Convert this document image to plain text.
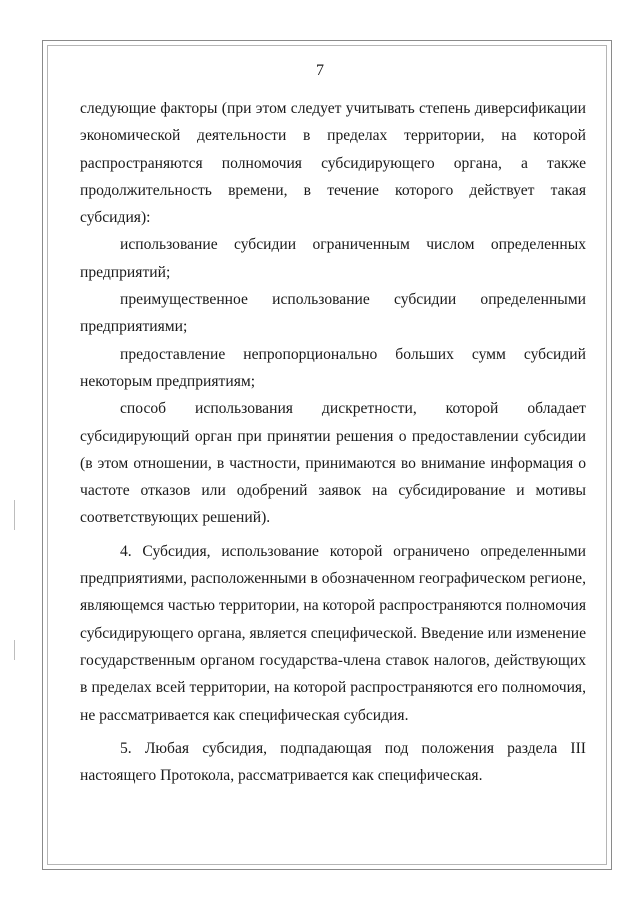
7

следующие факторы (при этом следует учитывать степень диверсификации экономической деятельности в пределах территории, на которой распространяются полномочия субсидирующего органа, а также продолжительность времени, в течение которого действует такая субсидия):

использование субсидии ограниченным числом определенных предприятий;

преимущественное использование субсидии определенными предприятиями;

предоставление непропорционально больших сумм субсидий некоторым предприятиям;

способ использования дискретности, которой обладает субсидирующий орган при принятии решения о предоставлении субсидии (в этом отношении, в частности, принимаются во внимание информация о частоте отказов или одобрений заявок на субсидирование и мотивы соответствующих решений).

4. Субсидия, использование которой ограничено определенными предприятиями, расположенными в обозначенном географическом регионе, являющемся частью территории, на которой распространяются полномочия субсидирующего органа, является специфической. Введение или изменение государственным органом государства-члена ставок налогов, действующих в пределах всей территории, на которой распространяются его полномочия, не рассматривается как специфическая субсидия.

5. Любая субсидия, подпадающая под положения раздела III настоящего Протокола, рассматривается как специфическая.
